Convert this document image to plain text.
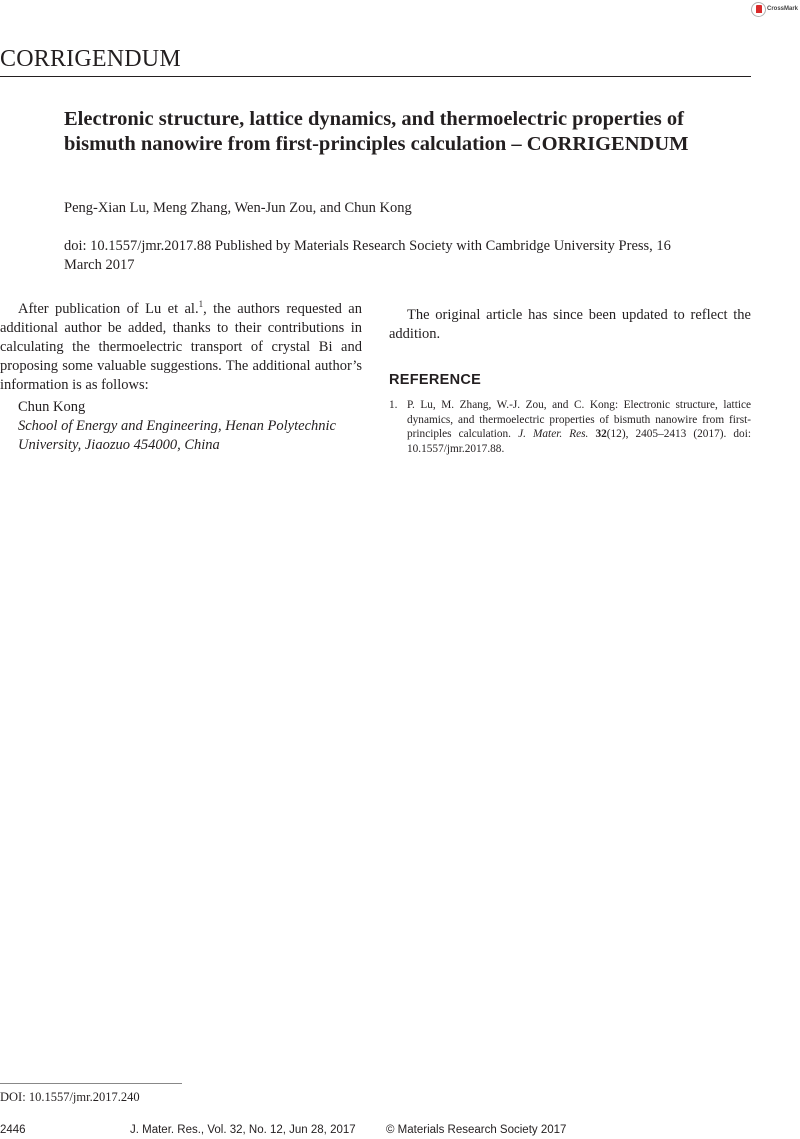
CrossMark
CORRIGENDUM
Electronic structure, lattice dynamics, and thermoelectric properties of bismuth nanowire from first-principles calculation – CORRIGENDUM
Peng-Xian Lu, Meng Zhang, Wen-Jun Zou, and Chun Kong
doi: 10.1557/jmr.2017.88 Published by Materials Research Society with Cambridge University Press, 16 March 2017

After publication of Lu et al.$^1$, the authors requested an additional author be added, thanks to their contributions in calculating the thermoelectric transport of crystal Bi and proposing some valuable suggestions. The additional author’s information is as follows:

Chun Kong
School of Energy and Engineering, Henan Polytechnic
University, Jiaozuo 454000, China

The original article has since been updated to reflect the addition.

REFERENCE
1. P. Lu, M. Zhang, W.-J. Zou, and C. Kong: Electronic structure, lattice dynamics, and thermoelectric properties of bismuth nanowire from first-principles calculation. J. Mater. Res. 32(12), 2405–2413 (2017). doi: 10.1557/jmr.2017.88.
DOI: 10.1557/jmr.2017.240
2446	J. Mater. Res., Vol. 32, No. 12, Jun 28, 2017	© Materials Research Society 2017
